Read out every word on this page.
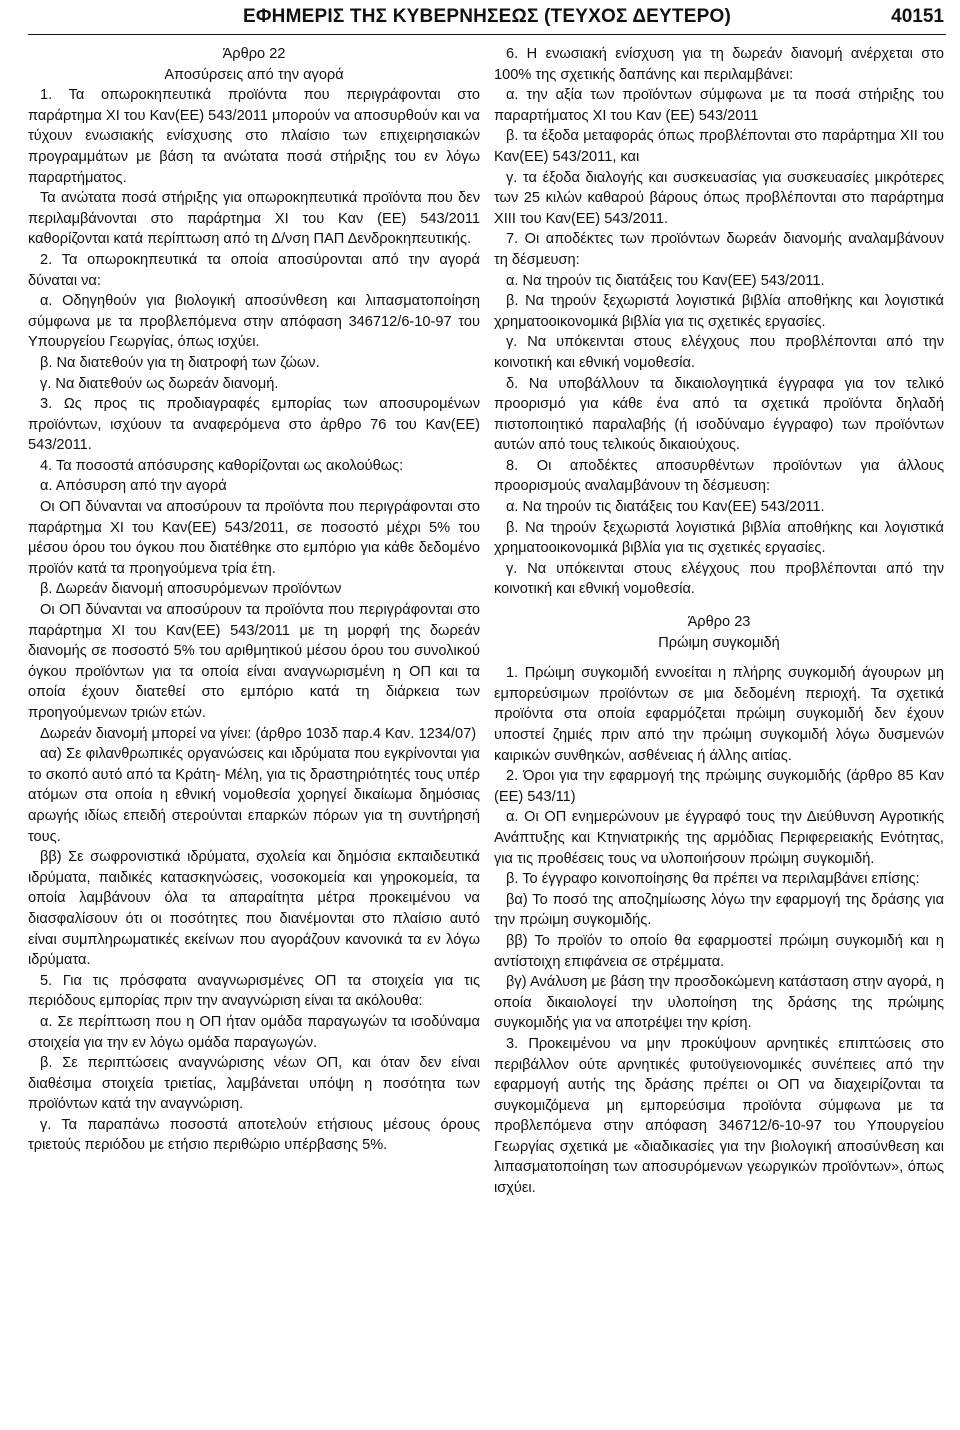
ΕΦΗΜΕΡΙΣ ΤΗΣ ΚΥΒΕΡΝΗΣΕΩΣ (ΤΕΥΧΟΣ ΔΕΥΤΕΡΟ)	40151

Άρθρο 22

Αποσύρσεις από την αγορά

1. Τα οπωροκηπευτικά προϊόντα που περιγράφονται στο παράρτημα XI του Καν(ΕΕ) 543/2011 μπορούν να αποσυρθούν και να τύχουν ενωσιακής ενίσχυσης στο πλαίσιο των επιχειρησιακών προγραμμάτων με βάση τα ανώτατα ποσά στήριξης του εν λόγω παραρτήματος.

Τα ανώτατα ποσά στήριξης για οπωροκηπευτικά προϊόντα που δεν περιλαμβάνονται στο παράρτημα XI του Καν (ΕΕ) 543/2011 καθορίζονται κατά περίπτωση από τη Δ/νση ΠΑΠ Δενδροκηπευτικής.

2. Τα οπωροκηπευτικά τα οποία αποσύρονται από την αγορά δύναται να:

α. Οδηγηθούν για βιολογική αποσύνθεση και λιπασματοποίηση σύμφωνα με τα προβλεπόμενα στην απόφαση 346712/6-10-97 του Υπουργείου Γεωργίας, όπως ισχύει.

β. Να διατεθούν για τη διατροφή των ζώων.

γ. Να διατεθούν ως δωρεάν διανομή.

3. Ως προς τις προδιαγραφές εμπορίας των αποσυρομένων προϊόντων, ισχύουν τα αναφερόμενα στο άρθρο 76 του Καν(ΕΕ) 543/2011.

4. Τα ποσοστά απόσυρσης καθορίζονται ως ακολούθως:

α. Απόσυρση από την αγορά

Οι ΟΠ δύνανται να αποσύρουν τα προϊόντα που περιγράφονται στο παράρτημα XI του Καν(ΕΕ) 543/2011, σε ποσοστό μέχρι 5% του μέσου όρου του όγκου που διατέθηκε στο εμπόριο για κάθε δεδομένο προϊόν κατά τα προηγούμενα τρία έτη.

β. Δωρεάν διανομή αποσυρόμενων προϊόντων

Οι ΟΠ δύνανται να αποσύρουν τα προϊόντα που περιγράφονται στο παράρτημα XI του Καν(ΕΕ) 543/2011 με τη μορφή της δωρεάν διανομής σε ποσοστό 5% του αριθμητικού μέσου όρου του συνολικού όγκου προϊόντων για τα οποία είναι αναγνωρισμένη η ΟΠ και τα οποία έχουν διατεθεί στο εμπόριο κατά τη διάρκεια των προηγούμενων τριών ετών.

Δωρεάν διανομή μπορεί να γίνει: (άρθρο 103δ παρ.4 Καν. 1234/07)

αα) Σε φιλανθρωπικές οργανώσεις και ιδρύματα που εγκρίνονται για το σκοπό αυτό από τα Κράτη- Μέλη, για τις δραστηριότητές τους υπέρ ατόμων στα οποία η εθνική νομοθεσία χορηγεί δικαίωμα δημόσιας αρωγής ιδίως επειδή στερούνται επαρκών πόρων για τη συντήρησή τους.

ββ) Σε σωφρονιστικά ιδρύματα, σχολεία και δημόσια εκπαιδευτικά ιδρύματα, παιδικές κατασκηνώσεις, νοσοκομεία και γηροκομεία, τα οποία λαμβάνουν όλα τα απαραίτητα μέτρα προκειμένου να διασφαλίσουν ότι οι ποσότητες που διανέμονται στο πλαίσιο αυτό είναι συμπληρωματικές εκείνων που αγοράζουν κανονικά τα εν λόγω ιδρύματα.

5. Για τις πρόσφατα αναγνωρισμένες ΟΠ τα στοιχεία για τις περιόδους εμπορίας πριν την αναγνώριση είναι τα ακόλουθα:

α. Σε περίπτωση που η ΟΠ ήταν ομάδα παραγωγών τα ισοδύναμα στοιχεία για την εν λόγω ομάδα παραγωγών.

β. Σε περιπτώσεις αναγνώρισης νέων ΟΠ, και όταν δεν είναι διαθέσιμα στοιχεία τριετίας, λαμβάνεται υπόψη η ποσότητα των προϊόντων κατά την αναγνώριση.

γ. Τα παραπάνω ποσοστά αποτελούν ετήσιους μέσους όρους τριετούς περιόδου με ετήσιο περιθώριο υπέρβασης 5%.

6. Η ενωσιακή ενίσχυση για τη δωρεάν διανομή ανέρχεται στο 100% της σχετικής δαπάνης και περιλαμβάνει:

α. την αξία των προϊόντων σύμφωνα με τα ποσά στήριξης του παραρτήματος XI του Καν (ΕΕ) 543/2011

β. τα έξοδα μεταφοράς όπως προβλέπονται στο παράρτημα XII του Καν(ΕΕ) 543/2011, και

γ. τα έξοδα διαλογής και συσκευασίας για συσκευασίες μικρότερες των 25 κιλών καθαρού βάρους όπως προβλέπονται στο παράρτημα XIII του Καν(ΕΕ) 543/2011.

7. Οι αποδέκτες των προϊόντων δωρεάν διανομής αναλαμβάνουν τη δέσμευση:

α. Να τηρούν τις διατάξεις του Καν(ΕΕ) 543/2011.

β. Να τηρούν ξεχωριστά λογιστικά βιβλία αποθήκης και λογιστικά χρηματοοικονομικά βιβλία για τις σχετικές εργασίες.

γ. Να υπόκεινται στους ελέγχους που προβλέπονται από την κοινοτική και εθνική νομοθεσία.

δ. Να υποβάλλουν τα δικαιολογητικά έγγραφα για τον τελικό προορισμό για κάθε ένα από τα σχετικά προϊόντα δηλαδή πιστοποιητικό παραλαβής (ή ισοδύναμο έγγραφο) των προϊόντων αυτών από τους τελικούς δικαιούχους.

8. Οι αποδέκτες αποσυρθέντων προϊόντων για άλλους προορισμούς αναλαμβάνουν τη δέσμευση:

α. Να τηρούν τις διατάξεις του Καν(ΕΕ) 543/2011.

β. Να τηρούν ξεχωριστά λογιστικά βιβλία αποθήκης και λογιστικά χρηματοοικονομικά βιβλία για τις σχετικές εργασίες.

γ. Να υπόκεινται στους ελέγχους που προβλέπονται από την κοινοτική και εθνική νομοθεσία.

Άρθρο 23

Πρώιμη συγκομιδή

1. Πρώιμη συγκομιδή εννοείται η πλήρης συγκομιδή άγουρων μη εμπορεύσιμων προϊόντων σε μια δεδομένη περιοχή. Τα σχετικά προϊόντα στα οποία εφαρμόζεται πρώιμη συγκομιδή δεν έχουν υποστεί ζημιές πριν από την πρώιμη συγκομιδή λόγω δυσμενών καιρικών συνθηκών, ασθένειας ή άλλης αιτίας.

2. Όροι για την εφαρμογή της πρώιμης συγκομιδής (άρθρο 85 Καν (ΕΕ) 543/11)

α. Οι ΟΠ ενημερώνουν με έγγραφό τους την Διεύθυνση Αγροτικής Ανάπτυξης και Κτηνιατρικής της αρμόδιας Περιφερειακής Ενότητας, για τις προθέσεις τους να υλοποιήσουν πρώιμη συγκομιδή.

β. Το έγγραφο κοινοποίησης θα πρέπει να περιλαμβάνει επίσης:

βα) Το ποσό της αποζημίωσης λόγω την εφαρμογή της δράσης για την πρώιμη συγκομιδής.

ββ) Το προϊόν το οποίο θα εφαρμοστεί πρώιμη συγκομιδή και η αντίστοιχη επιφάνεια σε στρέμματα.

βγ) Ανάλυση με βάση την προσδοκώμενη κατάσταση στην αγορά, η οποία δικαιολογεί την υλοποίηση της δράσης της πρώιμης συγκομιδής για να αποτρέψει την κρίση.

3. Προκειμένου να μην προκύψουν αρνητικές επιπτώσεις στο περιβάλλον ούτε αρνητικές φυτοϋγειονομικές συνέπειες από την εφαρμογή αυτής της δράσης πρέπει οι ΟΠ να διαχειρίζονται τα συγκομιζόμενα μη εμπορεύσιμα προϊόντα σύμφωνα με τα προβλεπόμενα στην απόφαση 346712/6-10-97 του Υπουργείου Γεωργίας σχετικά με «διαδικασίες για την βιολογική αποσύνθεση και λιπασματοποίηση των αποσυρόμενων γεωργικών προϊόντων», όπως ισχύει.
